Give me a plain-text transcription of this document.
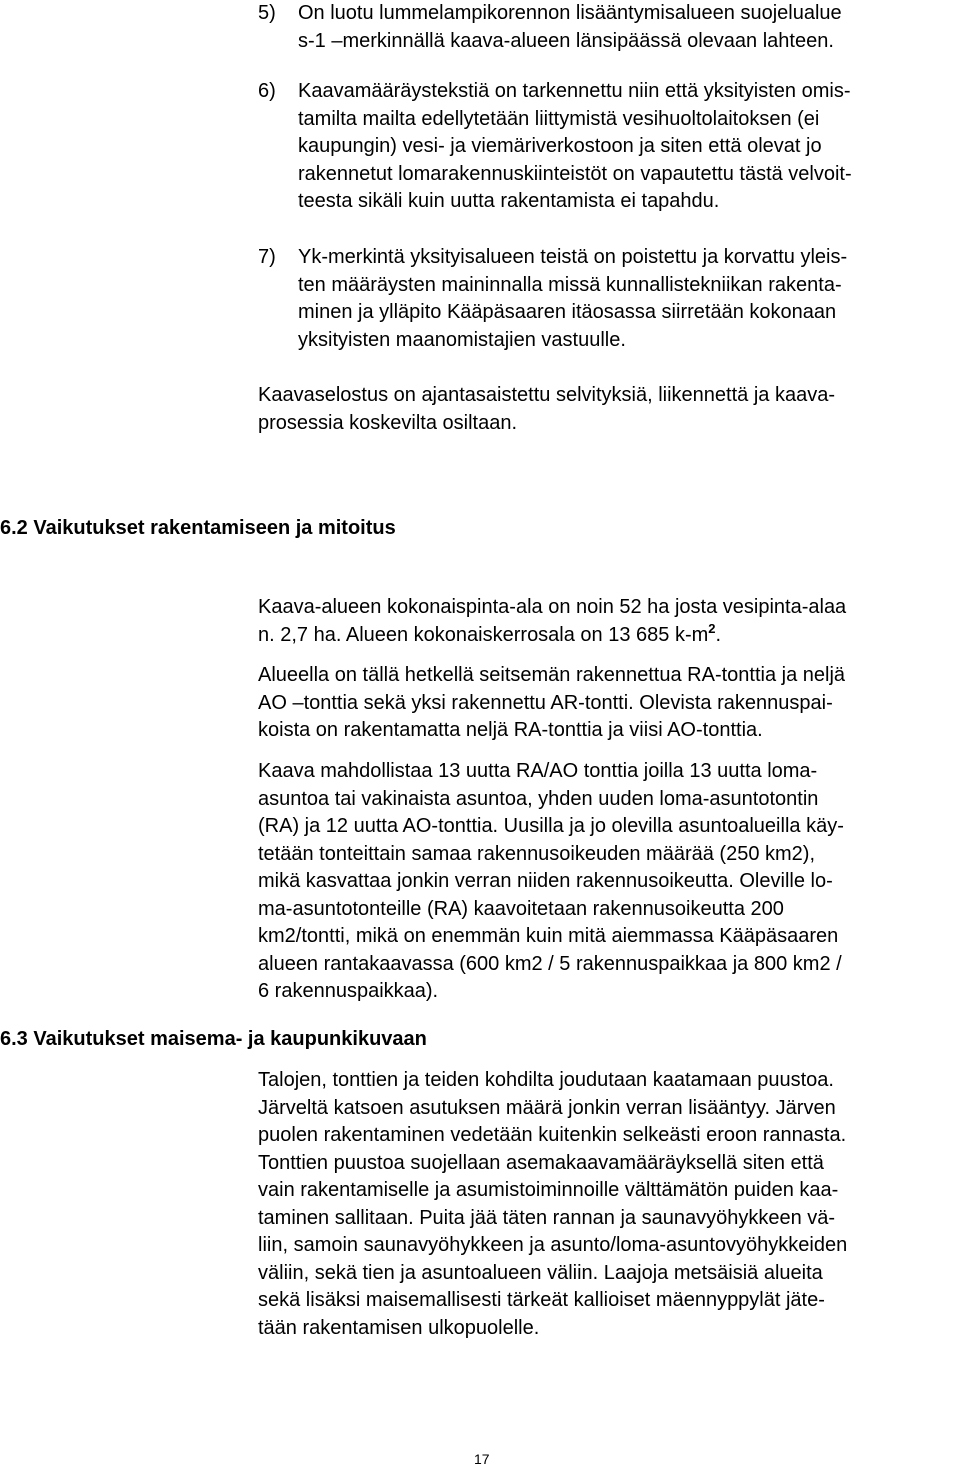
5) On luotu lummelampikorennon lisääntymisalueen suojelualue
s-1 –merkinnällä kaava-alueen länsipäässä olevaan lahteen.
6) Kaavamääräystekstiä on tarkennettu niin että yksityisten omis-
tamilta mailta edellytetään liittymistä vesihuoltolaitoksen (ei
kaupungin) vesi- ja viemäriverkostoon ja siten että olevat jo
rakennetut lomarakennuskiinteistöt on vapautettu tästä velvoit-
teesta sikäli kuin uutta rakentamista ei tapahdu.
7) Yk-merkintä yksityisalueen teistä on poistettu ja korvattu yleis-
ten määräysten maininnalla missä kunnallistekniikan rakenta-
minen ja ylläpito Kääpäsaaren itäosassa siirretään kokonaan
yksityisten maanomistajien vastuulle.
Kaavaselostus on ajantasaistettu selvityksiä, liikennettä ja kaava-
prosessia koskevilta osiltaan.
6.2 Vaikutukset rakentamiseen ja mitoitus
Kaava-alueen kokonaispinta-ala on noin 52 ha josta vesipinta-alaa
n. 2,7 ha. Alueen kokonaiskerrosala on 13 685 $k-m^2$.
Alueella on tällä hetkellä seitsemän rakennettua RA-tonttia ja neljä
AO –tonttia sekä yksi rakennettu AR-tontti. Olevista rakennuspai-
koista on rakentamatta neljä RA-tonttia ja viisi AO-tonttia.
Kaava mahdollistaa 13 uutta RA/AO tonttia joilla 13 uutta loma-
asuntoa tai vakinaista asuntoa, yhden uuden loma-asuntotontin
(RA) ja 12 uutta AO-tonttia. Uusilla ja jo olevilla asuntoalueilla käy-
tetään tonteittain samaa rakennusoikeuden määrää (250 km2),
mikä kasvattaa jonkin verran niiden rakennusoikeutta. Oleville lo-
ma-asuntotonteille (RA) kaavoitetaan rakennusoikeutta 200
km2/tontti, mikä on enemmän kuin mitä aiemmassa Kääpäsaaren
alueen rantakaavassa (600 km2 / 5 rakennuspaikkaa ja 800 km2 /
6 rakennuspaikkaa).
6.3 Vaikutukset maisema- ja kaupunkikuvaan
Talojen, tonttien ja teiden kohdilta joudutaan kaatamaan puustoa.
Järveltä katsoen asutuksen määrä jonkin verran lisääntyy. Järven
puolen rakentaminen vedetään kuitenkin selkeästi eroon rannasta.
Tonttien puustoa suojellaan asemakaavamääräyksellä siten että
vain rakentamiselle ja asumistoiminnoille välttämätön puiden kaa-
taminen sallitaan. Puita jää täten rannan ja saunavyöhykkeen vä-
liin, samoin saunavyöhykkeen ja asunto/loma-asuntovyöhykkeiden
väliin, sekä tien ja asuntoalueen väliin. Laajoja metsäisiä alueita
sekä lisäksi maisemallisesti tärkeät kallioiset mäennyppylät jäte-
tään rakentamisen ulkopuolelle.
17
